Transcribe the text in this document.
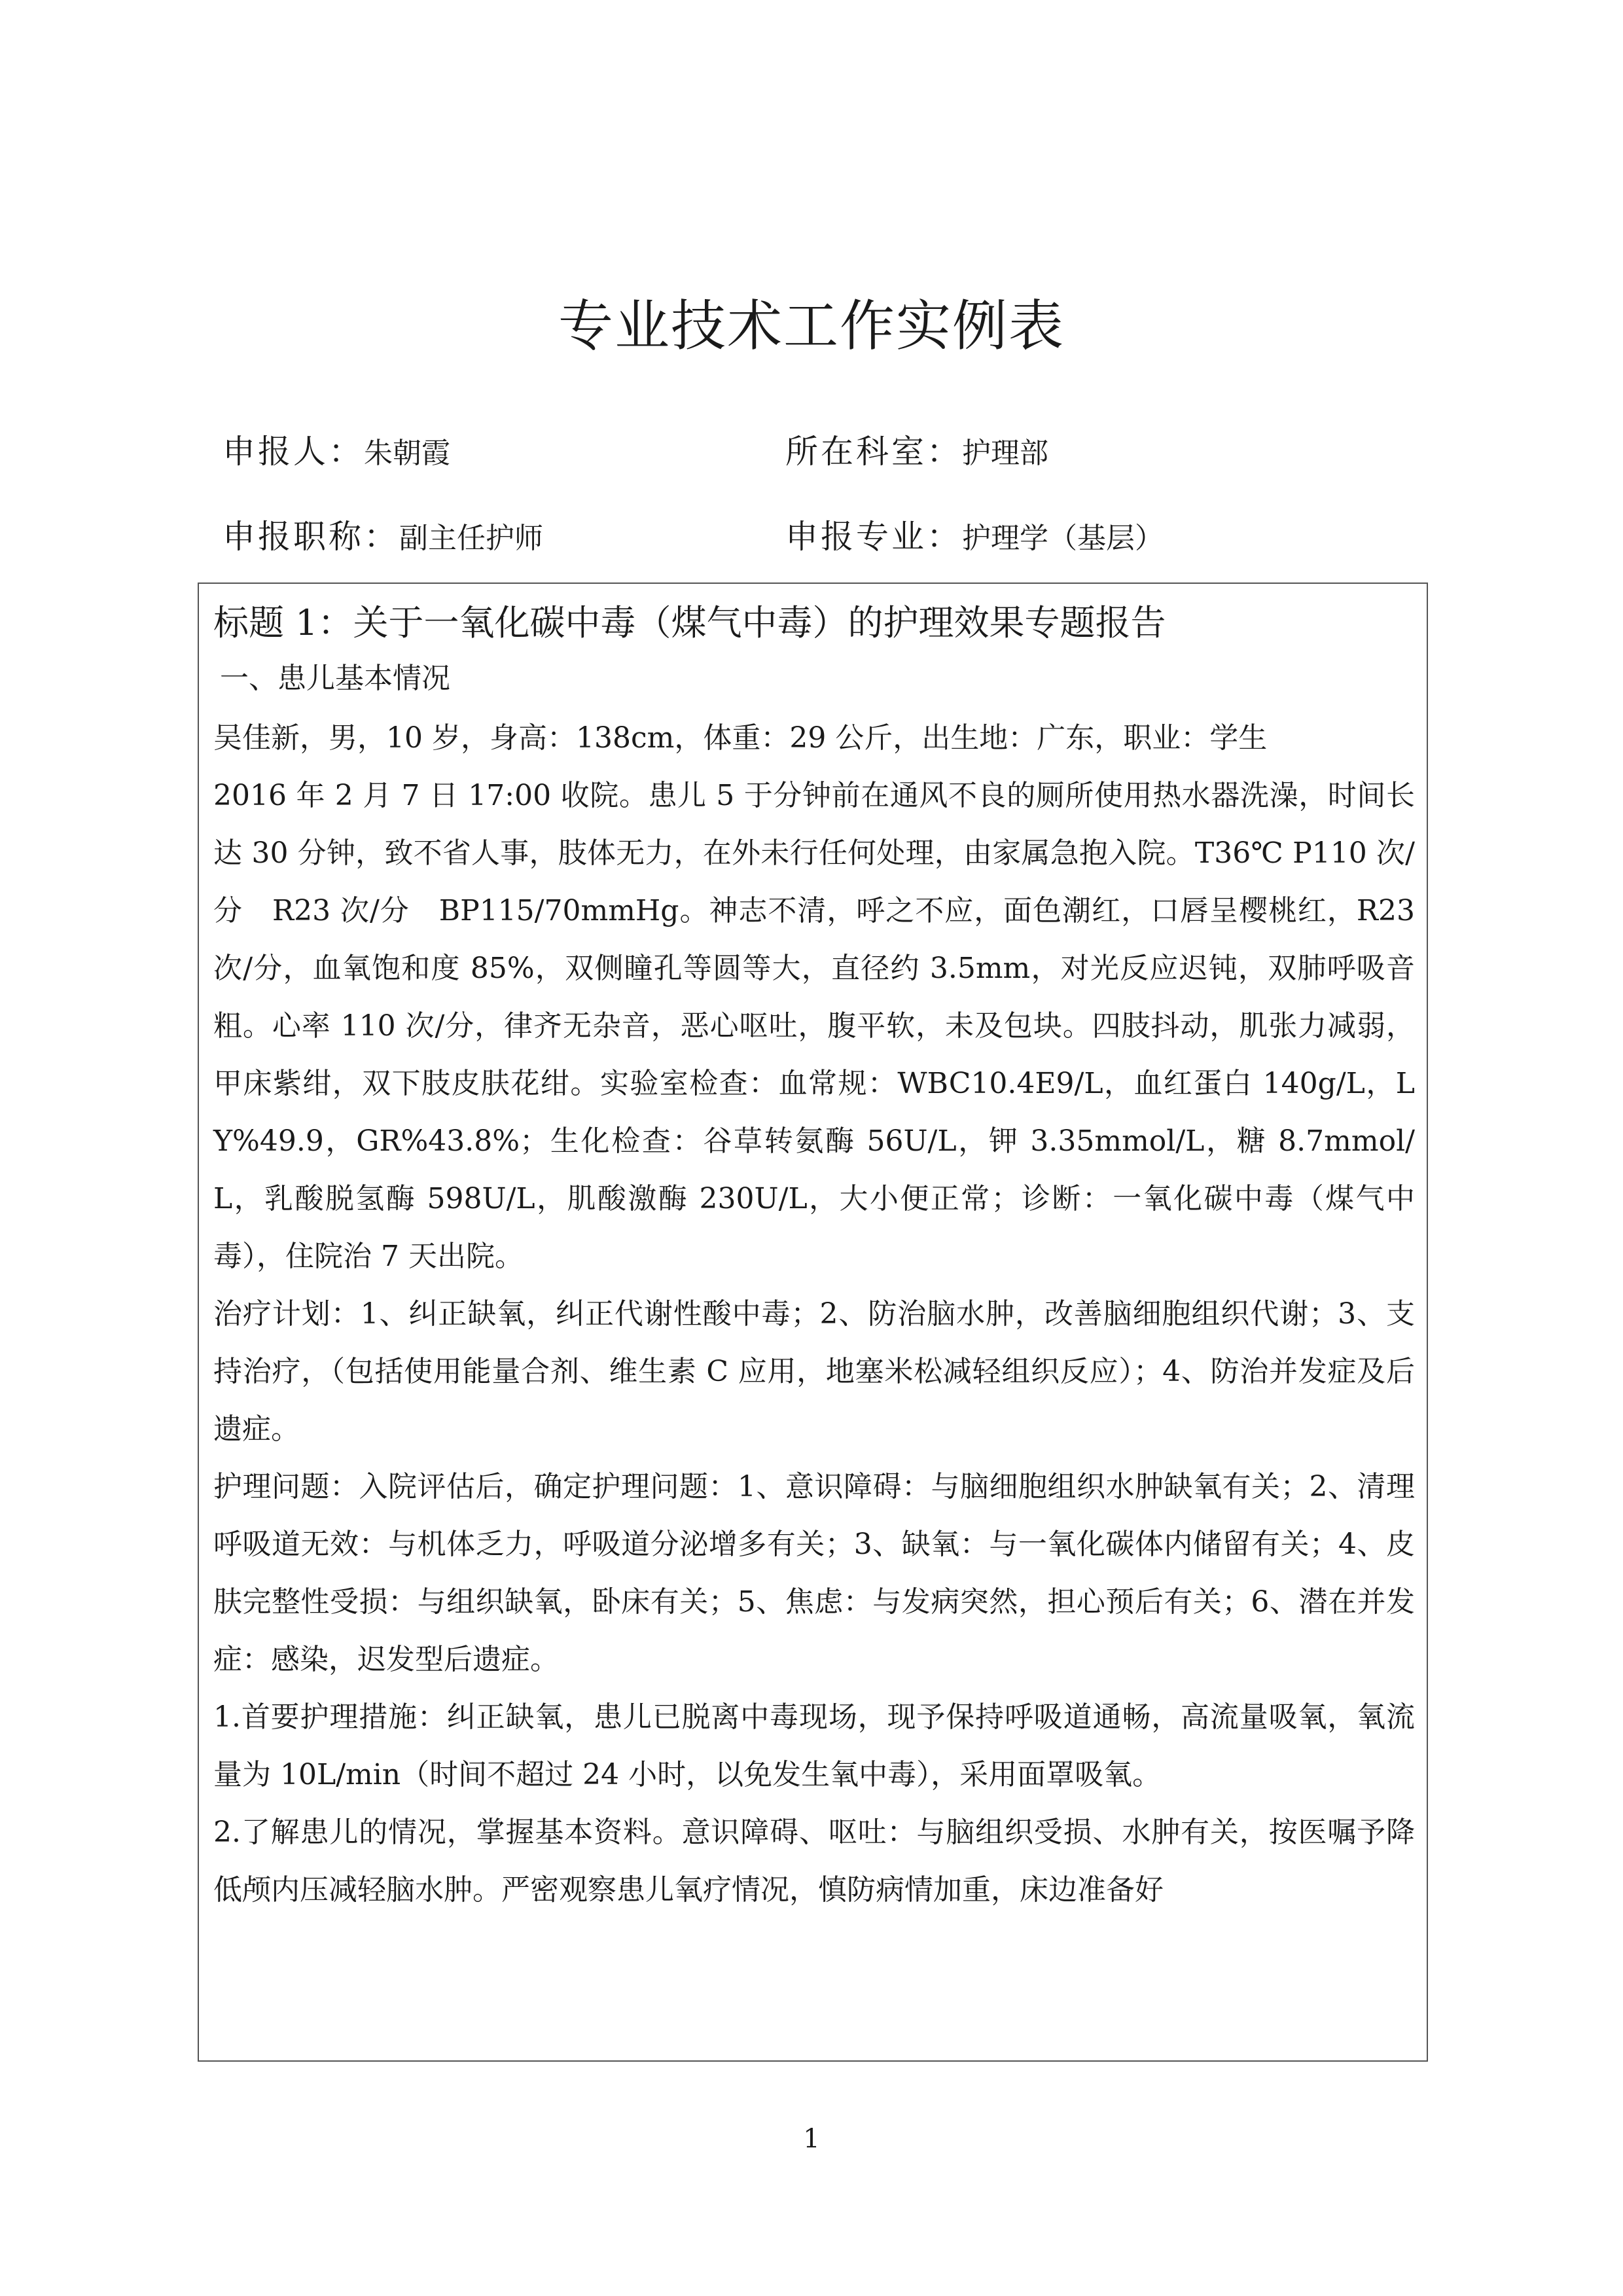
专业技术工作实例表
申报人：朱朝霞	所在科室：护理部
申报职称：副主任护师	申报专业：护理学（基层）
标题 1：关于一氧化碳中毒（煤气中毒）的护理效果专题报告
一、患儿基本情况

吴佳新，男，10 岁，身高：138cm，体重：29 公斤，出生地：广东，职业：学生

2016 年 2 月 7 日 17:00 收院。患儿 5 于分钟前在通风不良的厕所使用热水器洗澡，时间长达 30 分钟，致不省人事，肢体无力，在外未行任何处理，由家属急抱入院。T36℃ P110 次/分　R23 次/分　BP115/70mmHg。神志不清，呼之不应，面色潮红，口唇呈樱桃红，R23 次/分，血氧饱和度 85%，双侧瞳孔等圆等大，直径约 3.5mm，对光反应迟钝，双肺呼吸音粗。心率 110 次/分，律齐无杂音，恶心呕吐，腹平软，未及包块。四肢抖动，肌张力减弱，甲床紫绀，双下肢皮肤花绀。实验室检查：血常规：WBC10.4E9/L，血红蛋白 140g/L，LY%49.9，GR%43.8%；生化检查：谷草转氨酶 56U/L，钾 3.35mmol/L，糖 8.7mmol/L，乳酸脱氢酶 598U/L，肌酸激酶 230U/L，大小便正常；诊断：一氧化碳中毒（煤气中毒），住院治 7 天出院。

治疗计划：1、纠正缺氧，纠正代谢性酸中毒；2、防治脑水肿，改善脑细胞组织代谢；3、支持治疗，（包括使用能量合剂、维生素 C 应用，地塞米松减轻组织反应）；4、防治并发症及后遗症。

护理问题：入院评估后，确定护理问题：1、意识障碍：与脑细胞组织水肿缺氧有关；2、清理呼吸道无效：与机体乏力，呼吸道分泌增多有关；3、缺氧：与一氧化碳体内储留有关；4、皮肤完整性受损：与组织缺氧，卧床有关；5、焦虑：与发病突然，担心预后有关；6、潜在并发症：感染，迟发型后遗症。

1.首要护理措施：纠正缺氧，患儿已脱离中毒现场，现予保持呼吸道通畅，高流量吸氧，氧流量为 10L/min（时间不超过 24 小时，以免发生氧中毒），采用面罩吸氧。

2.了解患儿的情况，掌握基本资料。意识障碍、呕吐：与脑组织受损、水肿有关，按医嘱予降低颅内压减轻脑水肿。严密观察患儿氧疗情况，慎防病情加重，床边准备好

1
